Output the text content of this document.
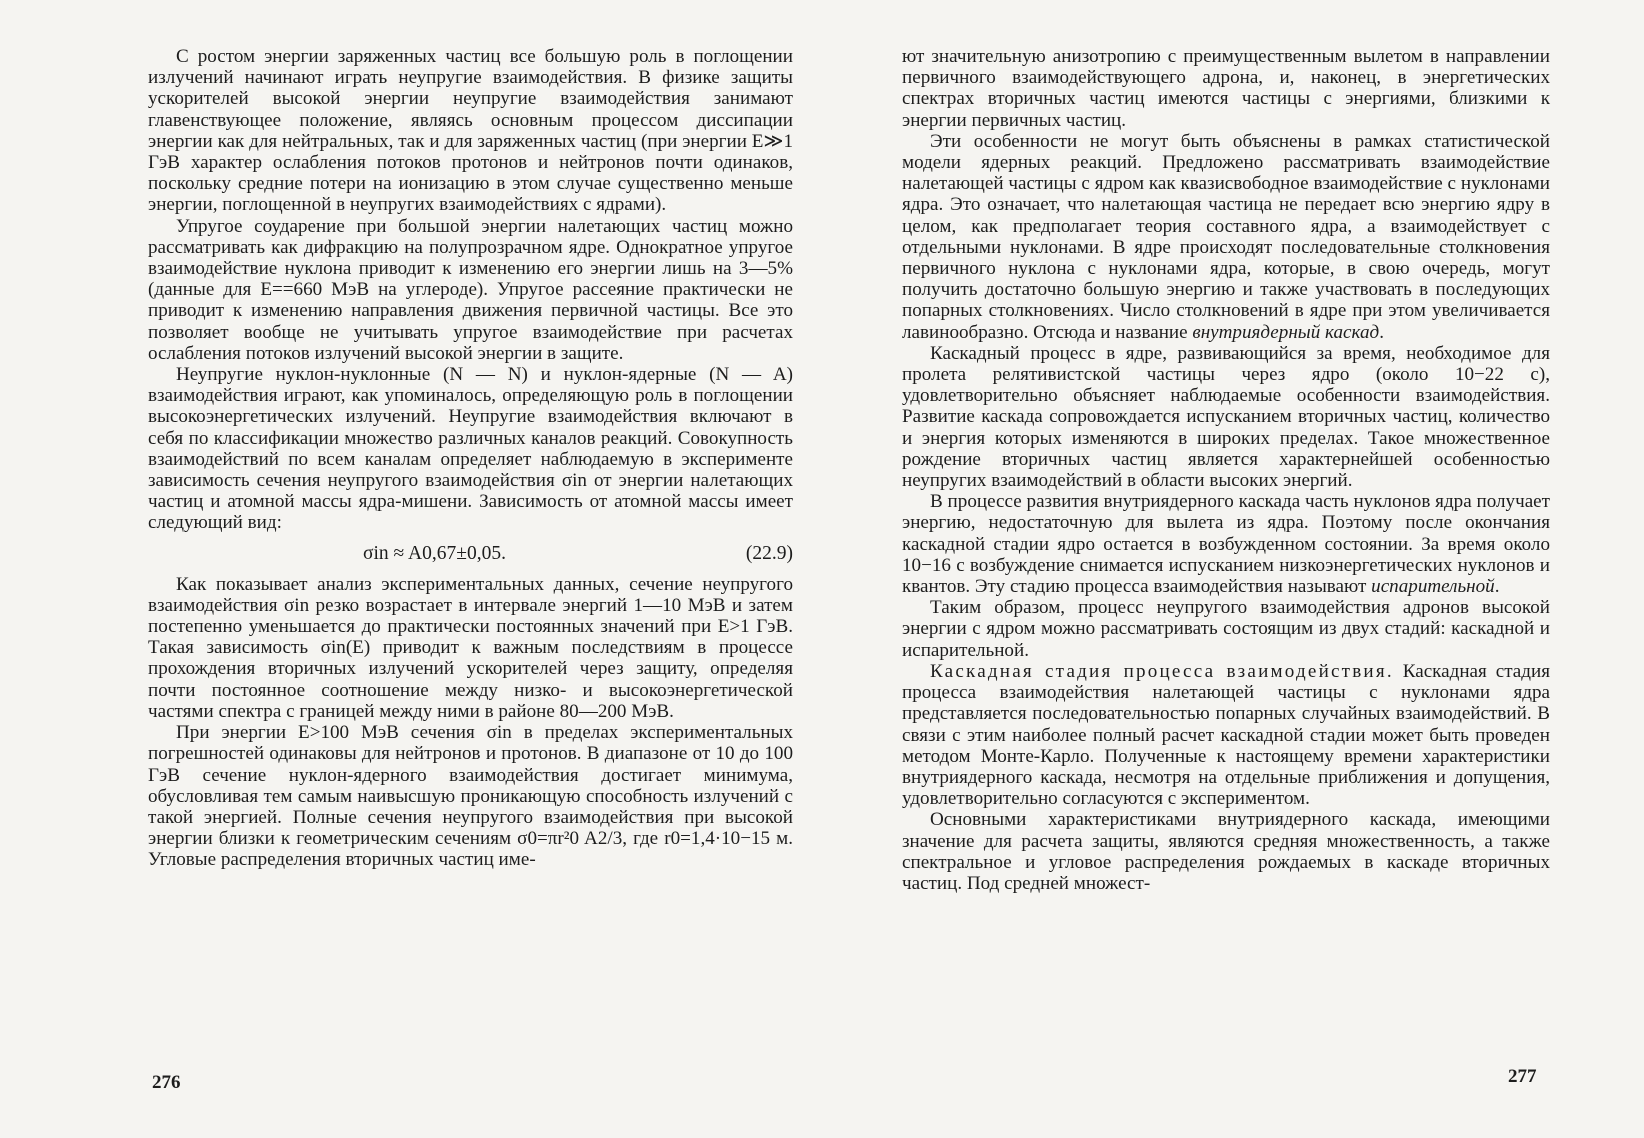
С ростом энергии заряженных частиц все большую роль в поглощении излучений начинают играть неупругие взаимодействия. В физике защиты ускорителей высокой энергии неупругие взаимодействия занимают главенствующее положение, являясь основным процессом диссипации энергии как для нейтральных, так и для заряженных частиц (при энергии E≫1 ГэВ характер ослабления потоков протонов и нейтронов почти одинаков, поскольку средние потери на ионизацию в этом случае существенно меньше энергии, поглощенной в неупругих взаимодействиях с ядрами).

Упругое соударение при большой энергии налетающих частиц можно рассматривать как дифракцию на полупрозрачном ядре. Однократное упругое взаимодействие нуклона приводит к изменению его энергии лишь на 3—5% (данные для E=⁠=660 МэВ на углероде). Упругое рассеяние практически не приводит к изменению направления движения первичной частицы. Все это позволяет вообще не учитывать упругое взаимодействие при расчетах ослабления потоков излучений высокой энергии в защите.

Неупругие нуклон-нуклонные (N — N) и нуклон-ядерные (N — A) взаимодействия играют, как упоминалось, определяющую роль в поглощении высокоэнергетических излучений. Неупругие взаимодействия включают в себя по классификации множество различных каналов реакций. Совокупность взаимодействий по всем каналам определяет наблюдаемую в эксперименте зависимость сечения неупругого взаимодействия σin от энергии налетающих частиц и атомной массы ядра-мишени. Зависимость от атомной массы имеет следующий вид:

σin ≈ A0,67±0,05.	(22.9)

Как показывает анализ экспериментальных данных, сечение неупругого взаимодействия σin резко возрастает в интервале энергий 1—10 МэВ и затем постепенно уменьшается до практически постоянных значений при E>1 ГэВ. Такая зависимость σin(E) приводит к важным последствиям в процессе прохождения вторичных излучений ускорителей через защиту, определяя почти постоянное соотношение между низко- и высокоэнергетической частями спектра с границей между ними в районе 80—200 МэВ.

При энергии E>100 МэВ сечения σin в пределах экспериментальных погрешностей одинаковы для нейтронов и протонов. В диапазоне от 10 до 100 ГэВ сечение нуклон-ядерного взаимодействия достигает минимума, обусловливая тем самым наивысшую проникающую способность излучений с такой энергией. Полные сечения неупругого взаимодействия при высокой энергии близки к геометрическим сечениям σ0=πr²0 A2/3, где r0=1,4·10−15 м. Угловые распределения вторичных частиц име-

276

ют значительную анизотропию с преимущественным вылетом в направлении первичного взаимодействующего адрона, и, наконец, в энергетических спектрах вторичных частиц имеются частицы с энергиями, близкими к энергии первичных частиц.

Эти особенности не могут быть объяснены в рамках статистической модели ядерных реакций. Предложено рассматривать взаимодействие налетающей частицы с ядром как квазисвободное взаимодействие с нуклонами ядра. Это означает, что налетающая частица не передает всю энергию ядру в целом, как предполагает теория составного ядра, а взаимодействует с отдельными нуклонами. В ядре происходят последовательные столкновения первичного нуклона с нуклонами ядра, которые, в свою очередь, могут получить достаточно большую энергию и также участвовать в последующих попарных столкновениях. Число столкновений в ядре при этом увеличивается лавинообразно. Отсюда и название внутриядерный каскад.

Каскадный процесс в ядре, развивающийся за время, необходимое для пролета релятивистской частицы через ядро (около 10−22 с), удовлетворительно объясняет наблюдаемые особенности взаимодействия. Развитие каскада сопровождается испусканием вторичных частиц, количество и энергия которых изменяются в широких пределах. Такое множественное рождение вторичных частиц является характернейшей особенностью неупругих взаимодействий в области высоких энергий.

В процессе развития внутриядерного каскада часть нуклонов ядра получает энергию, недостаточную для вылета из ядра. Поэтому после окончания каскадной стадии ядро остается в возбужденном состоянии. За время около 10−16 с возбуждение снимается испусканием низкоэнергетических нуклонов и квантов. Эту стадию процесса взаимодействия называют испарительной.

Таким образом, процесс неупругого взаимодействия адронов высокой энергии с ядром можно рассматривать состоящим из двух стадий: каскадной и испарительной.

Каскадная стадия процесса взаимодействия. Каскадная стадия процесса взаимодействия налетающей частицы с нуклонами ядра представляется последовательностью попарных случайных взаимодействий. В связи с этим наиболее полный расчет каскадной стадии может быть проведен методом Монте-Карло. Полученные к настоящему времени характеристики внутриядерного каскада, несмотря на отдельные приближения и допущения, удовлетворительно согласуются с экспериментом.

Основными характеристиками внутриядерного каскада, имеющими значение для расчета защиты, являются средняя множественность, а также спектральное и угловое распределения рождаемых в каскаде вторичных частиц. Под средней множест-

277
